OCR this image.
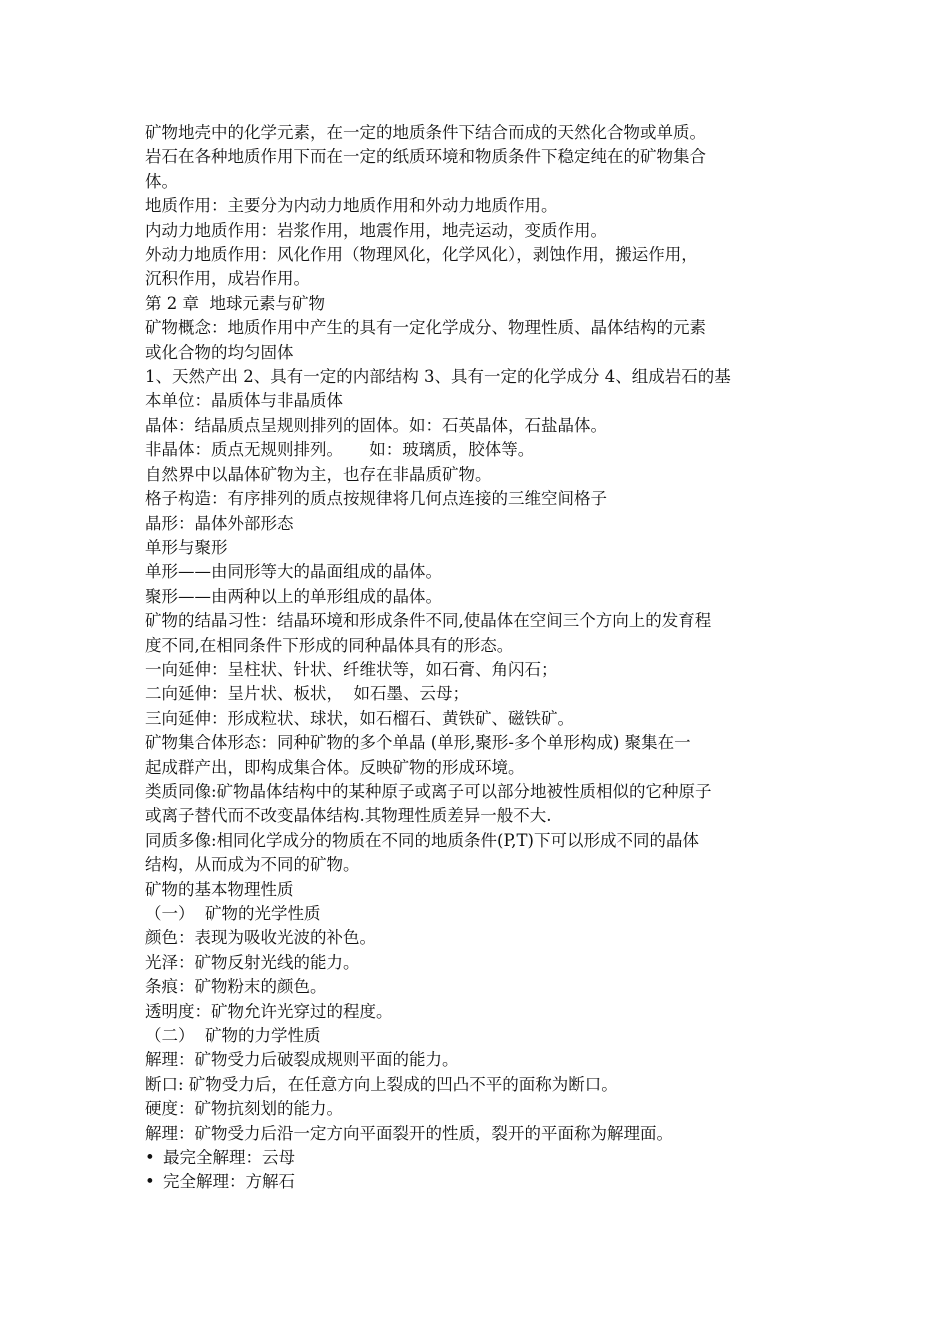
矿物地壳中的化学元素，在一定的地质条件下结合而成的天然化合物或单质。
岩石在各种地质作用下而在一定的纸质环境和物质条件下稳定纯在的矿物集合
体。
地质作用：主要分为内动力地质作用和外动力地质作用。
内动力地质作用：岩浆作用，地震作用，地壳运动，变质作用。
外动力地质作用：风化作用（物理风化，化学风化），剥蚀作用，搬运作用，
沉积作用，成岩作用。
第 2 章  地球元素与矿物
矿物概念：地质作用中产生的具有一定化学成分、物理性质、晶体结构的元素
或化合物的均匀固体
1、天然产出 2、具有一定的内部结构 3、具有一定的化学成分 4、组成岩石的基
本单位：晶质体与非晶质体
晶体：结晶质点呈规则排列的固体。如：石英晶体，石盐晶体。
非晶体：质点无规则排列。     如：玻璃质，胶体等。
自然界中以晶体矿物为主，也存在非晶质矿物。
格子构造：有序排列的质点按规律将几何点连接的三维空间格子
晶形：晶体外部形态
单形与聚形
单形——由同形等大的晶面组成的晶体。
聚形——由两种以上的单形组成的晶体。
矿物的结晶习性：结晶环境和形成条件不同,使晶体在空间三个方向上的发育程
度不同,在相同条件下形成的同种晶体具有的形态。
一向延伸：呈柱状、针状、纤维状等，如石膏、角闪石；
二向延伸：呈片状、板状，  如石墨、云母；
三向延伸：形成粒状、球状，如石榴石、黄铁矿、磁铁矿。
矿物集合体形态：同种矿物的多个单晶 (单形,聚形-多个单形构成) 聚集在一
起成群产出，即构成集合体。反映矿物的形成环境。
类质同像:矿物晶体结构中的某种原子或离子可以部分地被性质相似的它种原子
或离子替代而不改变晶体结构.其物理性质差异一般不大.
同质多像:相同化学成分的物质在不同的地质条件(P,T)下可以形成不同的晶体
结构，从而成为不同的矿物。
矿物的基本物理性质
（一）  矿物的光学性质
颜色：表现为吸收光波的补色。
光泽：矿物反射光线的能力。
条痕：矿物粉末的颜色。
透明度：矿物允许光穿过的程度。
（二）  矿物的力学性质
解理：矿物受力后破裂成规则平面的能力。
断口: 矿物受力后，在任意方向上裂成的凹凸不平的面称为断口。
硬度：矿物抗刻划的能力。
解理：矿物受力后沿一定方向平面裂开的性质，裂开的平面称为解理面。
• 最完全解理：云母
• 完全解理：方解石
